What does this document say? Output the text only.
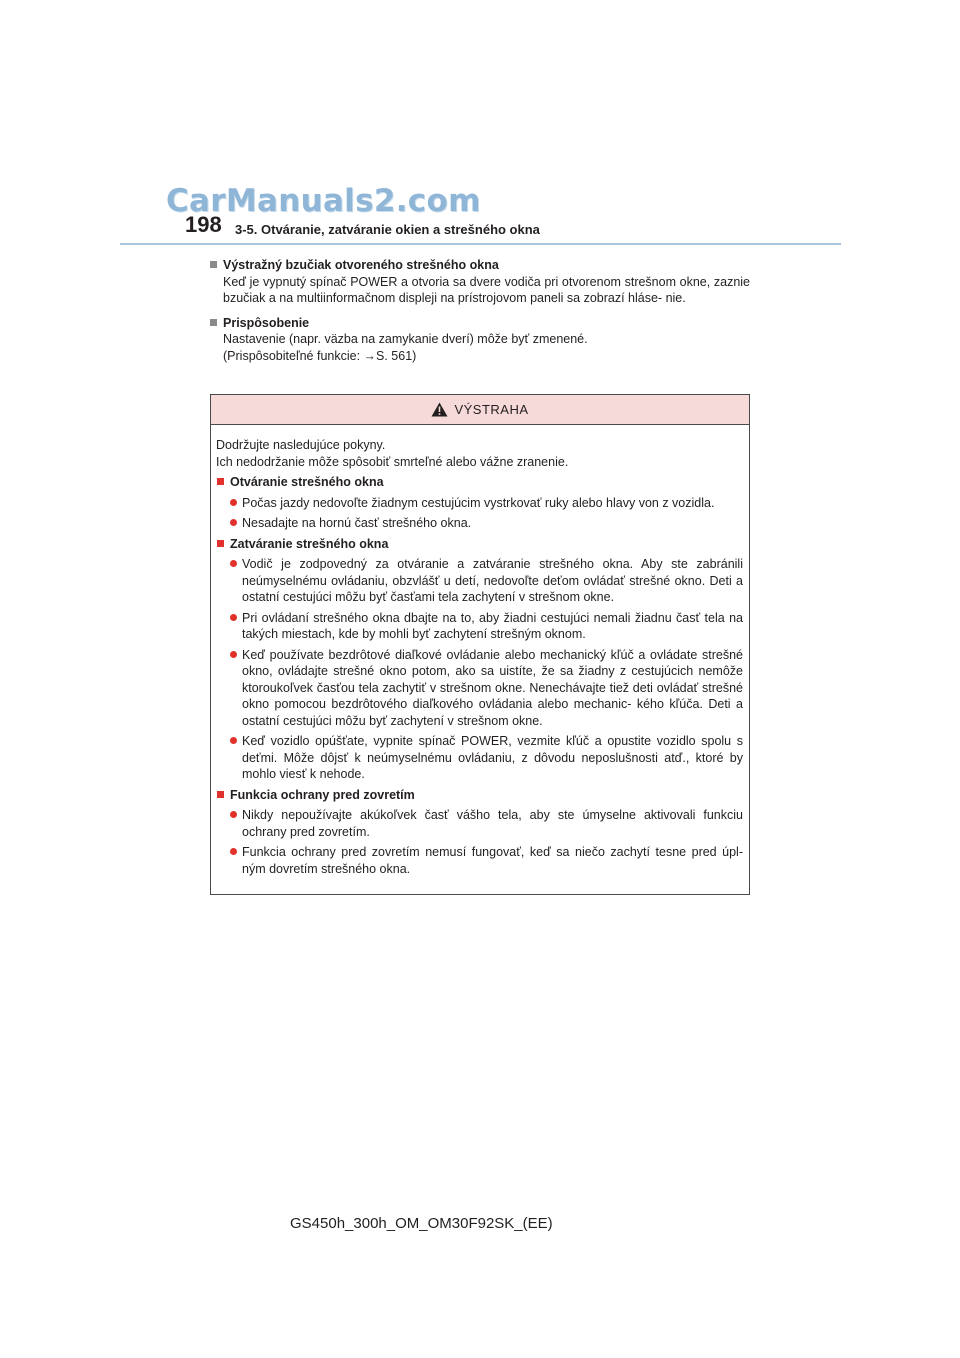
CarManuals2.com
198 3-5. Otváranie, zatváranie okien a strešného okna
Výstražný bzučiak otvoreného strešného okna
Keď je vypnutý spínač POWER a otvoria sa dvere vodiča pri otvorenom strešnom okne, zaznie bzučiak a na multiinformačnom displeji na prístrojovom paneli sa zobrazí hláse- nie.
Prispôsobenie
Nastavenie (napr. väzba na zamykanie dverí) môže byť zmenené.
(Prispôsobiteľné funkcie: →S. 561)
VÝSTRAHA
Dodržujte nasledujúce pokyny.
Ich nedodržanie môže spôsobiť smrteľné alebo vážne zranenie.
Otváranie strešného okna
Počas jazdy nedovoľte žiadnym cestujúcim vystrkovať ruky alebo hlavy von z vozidla.
Nesadajte na hornú časť strešného okna.
Zatváranie strešného okna
Vodič je zodpovedný za otváranie a zatváranie strešného okna. Aby ste zabránili neúmyselnému ovládaniu, obzvlášť u detí, nedovoľte deťom ovládať strešné okno. Deti a ostatní cestujúci môžu byť časťami tela zachytení v strešnom okne.
Pri ovládaní strešného okna dbajte na to, aby žiadni cestujúci nemali žiadnu časť tela na takých miestach, kde by mohli byť zachytení strešným oknom.
Keď používate bezdrôtové diaľkové ovládanie alebo mechanický kľúč a ovládate strešné okno, ovládajte strešné okno potom, ako sa uistíte, že sa žiadny z cestujúcich nemôže ktoroukoľvek časťou tela zachytiť v strešnom okne. Nenechávajte tiež deti ovládať strešné okno pomocou bezdrôtového diaľkového ovládania alebo mechanic- kého kľúča. Deti a ostatní cestujúci môžu byť zachytení v strešnom okne.
Keď vozidlo opúšťate, vypnite spínač POWER, vezmite kľúč a opustite vozidlo spolu s deťmi. Môže dôjsť k neúmyselnému ovládaniu, z dôvodu neposlušnosti atď., ktoré by mohlo viesť k nehode.
Funkcia ochrany pred zovretím
Nikdy nepoužívajte akúkoľvek časť vášho tela, aby ste úmyselne aktivovali funkciu ochrany pred zovretím.
Funkcia ochrany pred zovretím nemusí fungovať, keď sa niečo zachytí tesne pred úpl- ným dovretím strešného okna.
GS450h_300h_OM_OM30F92SK_(EE)
